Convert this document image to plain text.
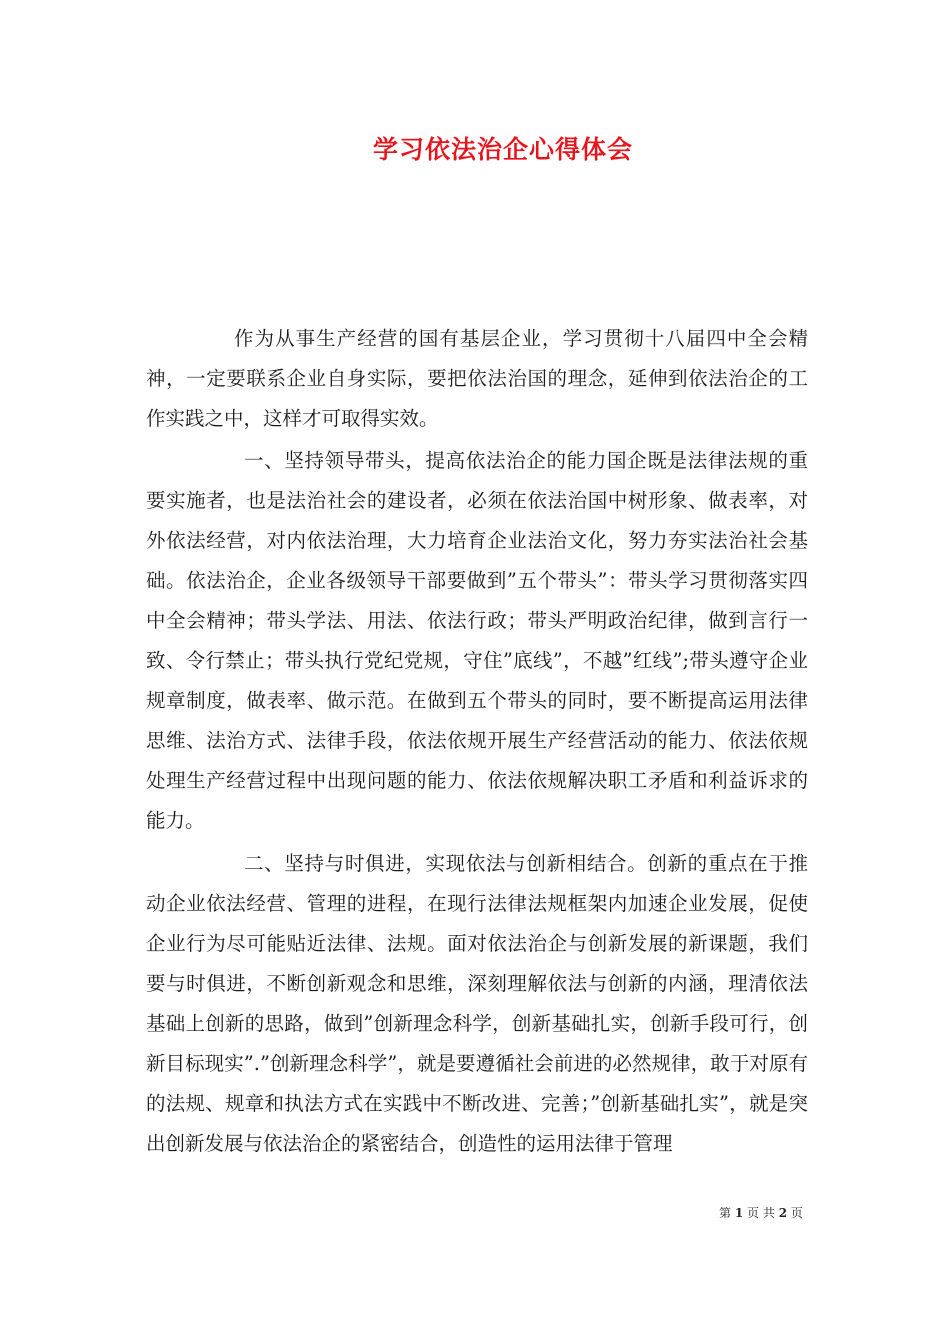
学习依法治企心得体会

作为从事生产经营的国有基层企业，学习贯彻十八届四中全会精神，一定要联系企业自身实际，要把依法治国的理念，延伸到依法治企的工作实践之中，这样才可取得实效。

一、坚持领导带头，提高依法治企的能力国企既是法律法规的重要实施者，也是法治社会的建设者，必须在依法治国中树形象、做表率，对外依法经营，对内依法治理，大力培育企业法治文化，努力夯实法治社会基础。依法治企，企业各级领导干部要做到”五个带头”：带头学习贯彻落实四中全会精神；带头学法、用法、依法行政；带头严明政治纪律，做到言行一致、令行禁止；带头执行党纪党规，守住”底线”，不越”红线”;带头遵守企业规章制度，做表率、做示范。在做到五个带头的同时，要不断提高运用法律思维、法治方式、法律手段，依法依规开展生产经营活动的能力、依法依规处理生产经营过程中出现问题的能力、依法依规解决职工矛盾和利益诉求的能力。

二、坚持与时俱进，实现依法与创新相结合。创新的重点在于推动企业依法经营、管理的进程，在现行法律法规框架内加速企业发展，促使企业行为尽可能贴近法律、法规。面对依法治企与创新发展的新课题，我们要与时俱进，不断创新观念和思维，深刻理解依法与创新的内涵，理清依法基础上创新的思路，做到”创新理念科学，创新基础扎实，创新手段可行，创新目标现实”.”创新理念科学”，就是要遵循社会前进的必然规律，敢于对原有的法规、规章和执法方式在实践中不断改进、完善；”创新基础扎实”，就是突出创新发展与依法治企的紧密结合，创造性的运用法律于管理

第 1 页 共 2 页
